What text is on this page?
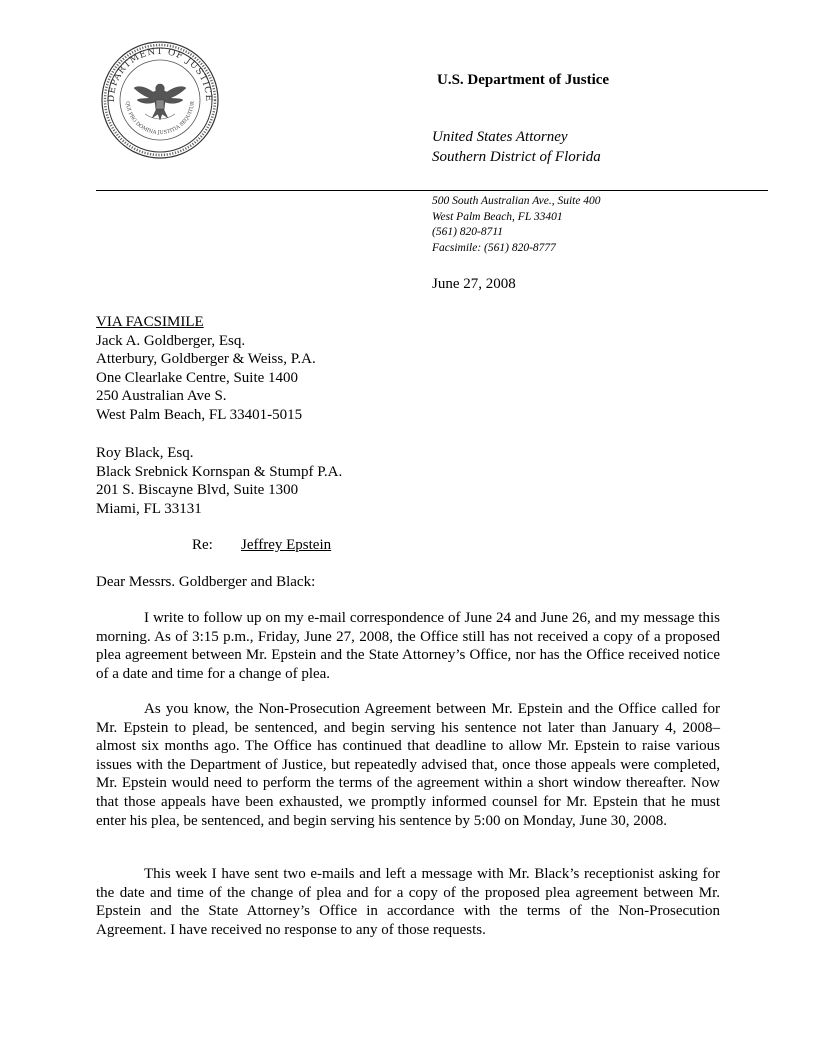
DEPARTMENT OF JUSTICE
QUI PRO DOMINA JUSTITIA SEQUITUR
U.S. Department of Justice
United States Attorney
Southern District of Florida
500 South Australian Ave., Suite 400
West Palm Beach, FL 33401
(561) 820-8711
Facsimile: (561) 820-8777
June 27, 2008
VIA FACSIMILE
Jack A. Goldberger, Esq.
Atterbury, Goldberger & Weiss, P.A.
One Clearlake Centre, Suite 1400
250 Australian Ave S.
West Palm Beach, FL 33401-5015
Roy Black, Esq.
Black Srebnick Kornspan & Stumpf P.A.
201 S. Biscayne Blvd, Suite 1300
Miami, FL 33131
Re: Jeffrey Epstein
Dear Messrs. Goldberger and Black:

I write to follow up on my e-mail correspondence of June 24 and June 26, and my message this morning. As of 3:15 p.m., Friday, June 27, 2008, the Office still has not received a copy of a proposed plea agreement between Mr. Epstein and the State Attorney’s Office, nor has the Office received notice of a date and time for a change of plea.

As you know, the Non-Prosecution Agreement between Mr. Epstein and the Office called for Mr. Epstein to plead, be sentenced, and begin serving his sentence not later than January 4, 2008–almost six months ago. The Office has continued that deadline to allow Mr. Epstein to raise various issues with the Department of Justice, but repeatedly advised that, once those appeals were completed, Mr. Epstein would need to perform the terms of the agreement within a short window thereafter. Now that those appeals have been exhausted, we promptly informed counsel for Mr. Epstein that he must enter his plea, be sentenced, and begin serving his sentence by 5:00 on Monday, June 30, 2008.

This week I have sent two e-mails and left a message with Mr. Black’s receptionist asking for the date and time of the change of plea and for a copy of the proposed plea agreement between Mr. Epstein and the State Attorney’s Office in accordance with the terms of the Non-Prosecution Agreement. I have received no response to any of those requests.
